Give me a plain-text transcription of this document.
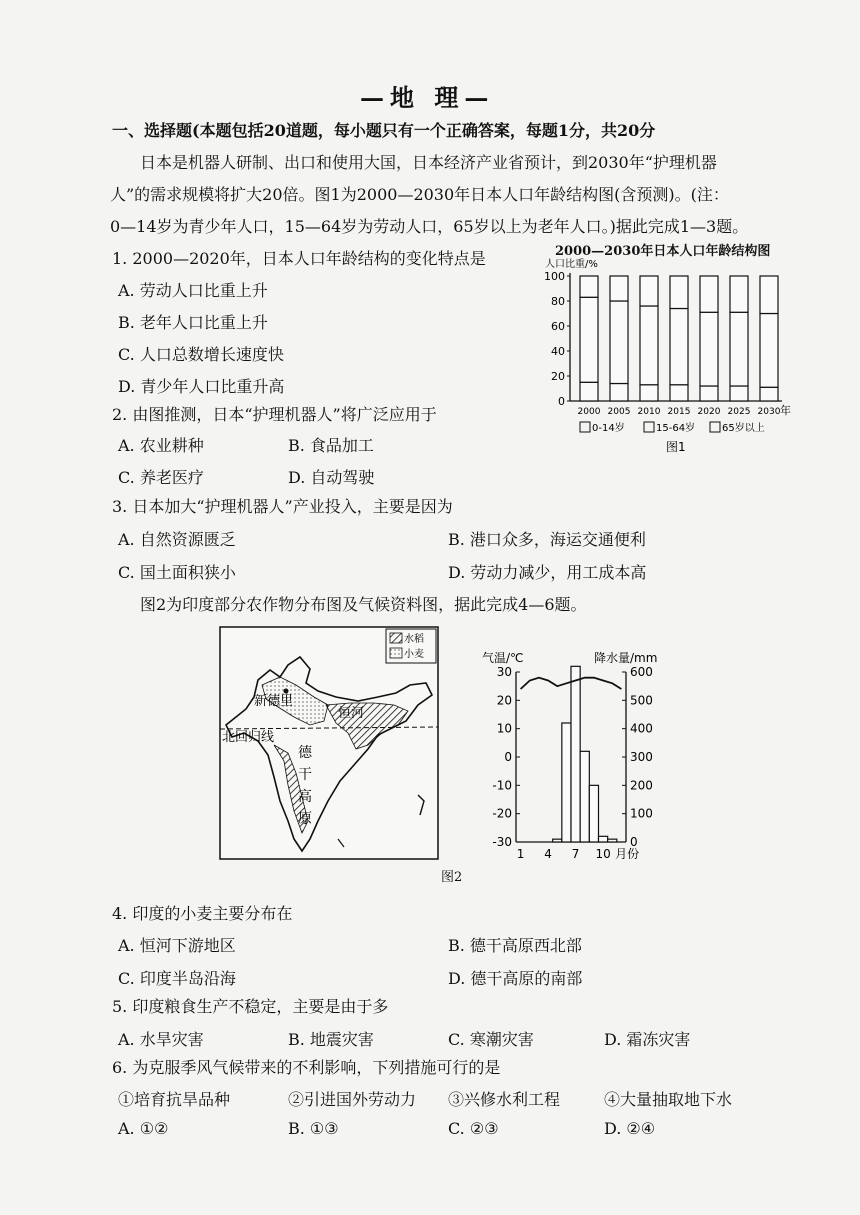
—地 理—
一、选择题(本题包括20道题，每小题只有一个正确答案，每题1分，共20分
日本是机器人研制、出口和使用大国，日本经济产业省预计，到2030年“护理机器
人”的需求规模将扩大20倍。图1为2000—2030年日本人口年龄结构图(含预测)。(注：
0—14岁为青少年人口，15—64岁为劳动人口，65岁以上为老年人口。)据此完成1—3题。
1. 2000—2020年，日本人口年龄结构的变化特点是
A. 劳动人口比重上升
B. 老年人口比重上升
C. 人口总数增长速度快
D. 青少年人口比重升高
2. 由图推测，日本“护理机器人”将广泛应用于
A. 农业耕种	B. 食品加工
C. 养老医疗	D. 自动驾驶
3. 日本加大“护理机器人”产业投入，主要是因为
A. 自然资源匮乏	B. 港口众多，海运交通便利
C. 国土面积狭小	D. 劳动力减少，用工成本高
图2为印度部分农作物分布图及气候资料图，据此完成4—6题。
2000—2030年日本人口年龄结构图
人口比重/%
0
20
40
60
80
100
2000 2005 2010 2015 2020 2025 2030 年
0-14岁	15-64岁	65岁以上
图1
北回归线
新德里
恒河
德
干
高
原
水稻
小麦	气温/℃	降水量/mm
-30
-20
-10
0
10
20
30
0
100
200
300
400
500
600
1 4 7 10 月份
图2
4. 印度的小麦主要分布在
A. 恒河下游地区	B. 德干高原西北部
C. 印度半岛沿海	D. 德干高原的南部
5. 印度粮食生产不稳定，主要是由于多
A. 水旱灾害	B. 地震灾害	C. 寒潮灾害	D. 霜冻灾害
6. 为克服季风气候带来的不利影响，下列措施可行的是
①培育抗旱品种	②引进国外劳动力 ③兴修水利工程	④大量抽取地下水
A. ①②	B. ①③	C. ②③	D. ②④
